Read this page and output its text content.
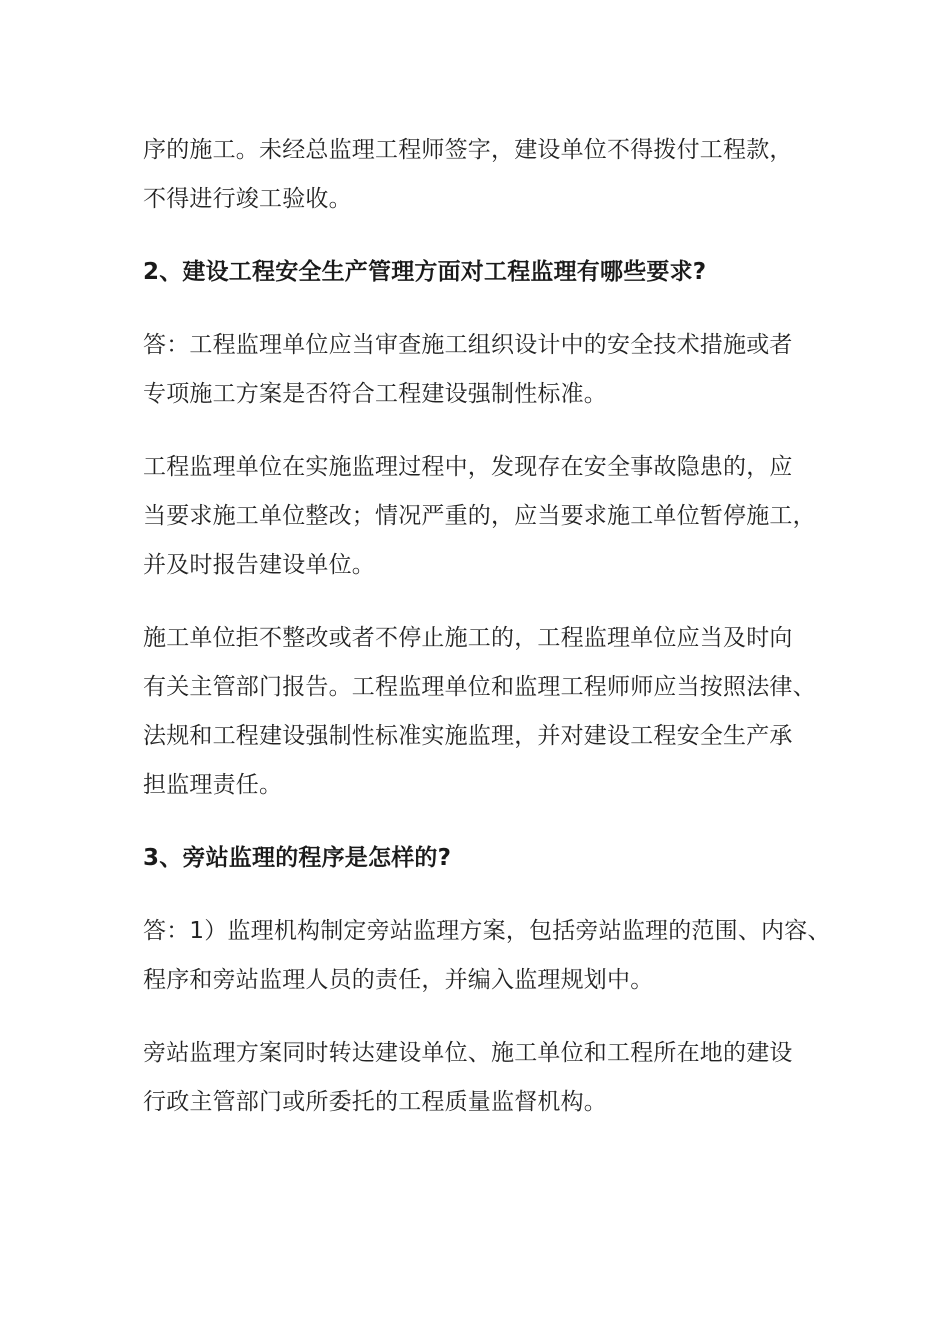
序的施工。未经总监理工程师签字，建设单位不得拨付工程款，
不得进行竣工验收。
2、建设工程安全生产管理方面对工程监理有哪些要求?
答：工程监理单位应当审查施工组织设计中的安全技术措施或者
专项施工方案是否符合工程建设强制性标准。
工程监理单位在实施监理过程中，发现存在安全事故隐患的，应
当要求施工单位整改；情况严重的，应当要求施工单位暂停施工，
并及时报告建设单位。
施工单位拒不整改或者不停止施工的，工程监理单位应当及时向
有关主管部门报告。工程监理单位和监理工程师师应当按照法律、
法规和工程建设强制性标准实施监理，并对建设工程安全生产承
担监理责任。
3、旁站监理的程序是怎样的?
答：1）监理机构制定旁站监理方案，包括旁站监理的范围、内容、
程序和旁站监理人员的责任，并编入监理规划中。
旁站监理方案同时转达建设单位、施工单位和工程所在地的建设
行政主管部门或所委托的工程质量监督机构。
